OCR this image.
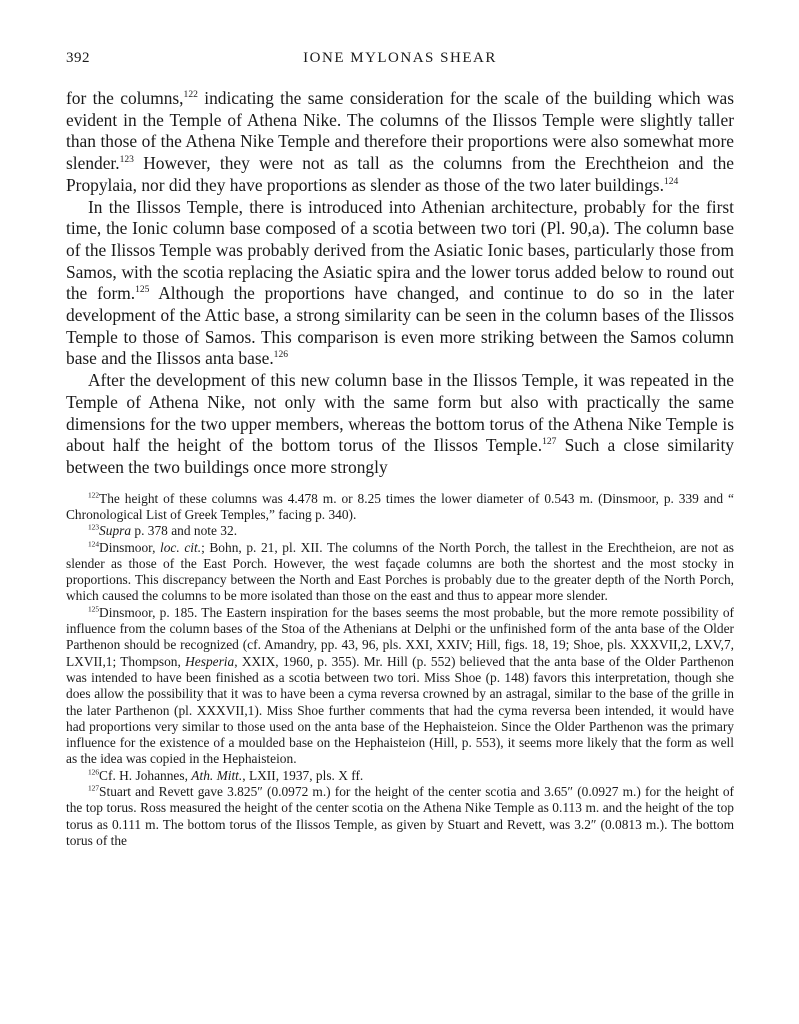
392	IONE MYLONAS SHEAR

for the columns,$^{122}$ indicating the same consideration for the scale of the building which was evident in the Temple of Athena Nike. The columns of the Ilissos Temple were slightly taller than those of the Athena Nike Temple and therefore their proportions were also somewhat more slender.$^{123}$ However, they were not as tall as the columns from the Erechtheion and the Propylaia, nor did they have proportions as slender as those of the two later buildings.$^{124}$

In the Ilissos Temple, there is introduced into Athenian architecture, probably for the first time, the Ionic column base composed of a scotia between two tori (Pl. 90,a). The column base of the Ilissos Temple was probably derived from the Asiatic Ionic bases, particularly those from Samos, with the scotia replacing the Asiatic spira and the lower torus added below to round out the form.$^{125}$ Although the proportions have changed, and continue to do so in the later development of the Attic base, a strong similarity can be seen in the column bases of the Ilissos Temple to those of Samos. This comparison is even more striking between the Samos column base and the Ilissos anta base.$^{126}$

After the development of this new column base in the Ilissos Temple, it was repeated in the Temple of Athena Nike, not only with the same form but also with practically the same dimensions for the two upper members, whereas the bottom torus of the Athena Nike Temple is about half the height of the bottom torus of the Ilissos Temple.$^{127}$ Such a close similarity between the two buildings once more strongly

$^{122}$The height of these columns was 4.478 m. or 8.25 times the lower diameter of 0.543 m. (Dinsmoor, p. 339 and “ Chronological List of Greek Temples,” facing p. 340).

$^{123}$Supra p. 378 and note 32.

$^{124}$Dinsmoor, loc. cit.; Bohn, p. 21, pl. XII. The columns of the North Porch, the tallest in the Erechtheion, are not as slender as those of the East Porch. However, the west façade columns are both the shortest and the most stocky in proportions. This discrepancy between the North and East Porches is probably due to the greater depth of the North Porch, which caused the columns to be more isolated than those on the east and thus to appear more slender.

$^{125}$Dinsmoor, p. 185. The Eastern inspiration for the bases seems the most probable, but the more remote possibility of influence from the column bases of the Stoa of the Athenians at Delphi or the unfinished form of the anta base of the Older Parthenon should be recognized (cf. Amandry, pp. 43, 96, pls. XXI, XXIV; Hill, figs. 18, 19; Shoe, pls. XXXVII,2, LXV,7, LXVII,1; Thompson, Hesperia, XXIX, 1960, p. 355). Mr. Hill (p. 552) believed that the anta base of the Older Parthenon was intended to have been finished as a scotia between two tori. Miss Shoe (p. 148) favors this interpretation, though she does allow the possibility that it was to have been a cyma reversa crowned by an astragal, similar to the base of the grille in the later Parthenon (pl. XXXVII,1). Miss Shoe further comments that had the cyma reversa been intended, it would have had proportions very similar to those used on the anta base of the Hephaisteion. Since the Older Parthenon was the primary influence for the existence of a moulded base on the Hephaisteion (Hill, p. 553), it seems more likely that the form as well as the idea was copied in the Hephaisteion.

$^{126}$Cf. H. Johannes, Ath. Mitt., LXII, 1937, pls. X ff.

$^{127}$Stuart and Revett gave 3.825″ (0.0972 m.) for the height of the center scotia and 3.65″ (0.0927 m.) for the height of the top torus. Ross measured the height of the center scotia on the Athena Nike Temple as 0.113 m. and the height of the top torus as 0.111 m. The bottom torus of the Ilissos Temple, as given by Stuart and Revett, was 3.2″ (0.0813 m.). The bottom torus of the
